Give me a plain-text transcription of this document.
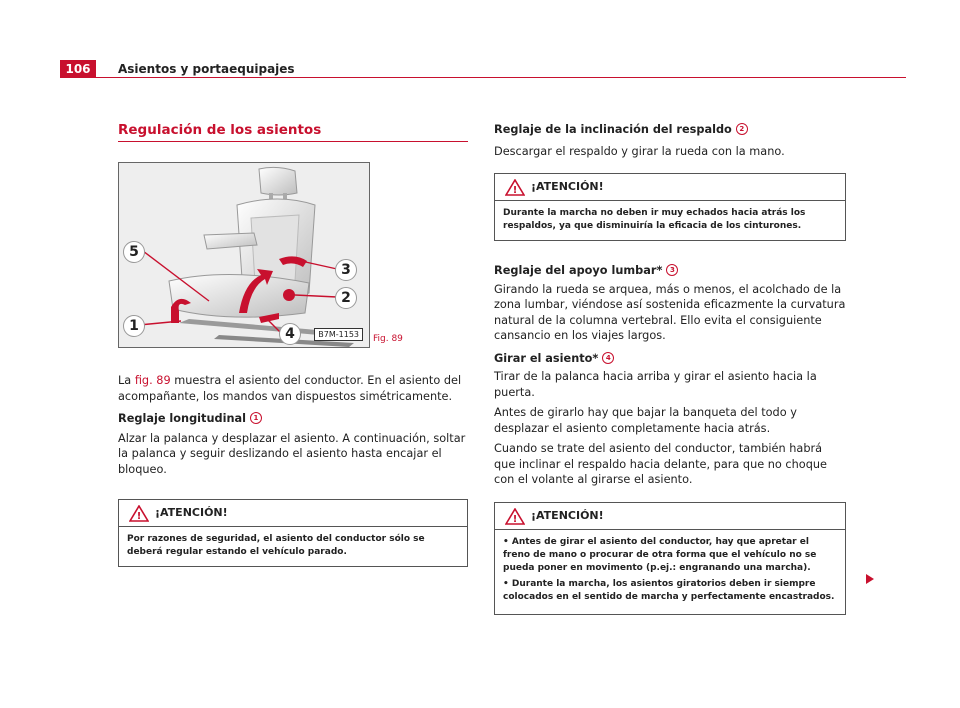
106	Asientos y portaequipajes
Regulación de los asientos
5
1
3
2
4	B7M-1153	Fig. 89

La fig. 89 muestra el asiento del conductor. En el asiento del acompañante, los mandos van dispuestos simétricamente.

Reglaje longitudinal 1

Alzar la palanca y desplazar el asiento. A continuación, soltar la palanca y seguir deslizando el asiento hasta encajar el bloqueo.

! ¡ATENCIÓN!
Por razones de seguridad, el asiento del conductor sólo se deberá regular estando el vehículo parado.

Reglaje de la inclinación del respaldo 2

Descargar el respaldo y girar la rueda con la mano.

! ¡ATENCIÓN!
Durante la marcha no deben ir muy echados hacia atrás los respaldos, ya que disminuiría la eficacia de los cinturones.

Reglaje del apoyo lumbar* 3

Girando la rueda se arquea, más o menos, el acolchado de la zona lumbar, viéndose así sostenida eficazmente la curvatura natural de la columna vertebral. Ello evita el consiguiente cansancio en los viajes largos.

Girar el asiento* 4

Tirar de la palanca hacia arriba y girar el asiento hacia la puerta.

Antes de girarlo hay que bajar la banqueta del todo y desplazar el asiento completamente hacia atrás.

Cuando se trate del asiento del conductor, también habrá que inclinar el respaldo hacia delante, para que no choque con el volante al girarse el asiento.

! ¡ATENCIÓN!
• Antes de girar el asiento del conductor, hay que apretar el freno de mano o procurar de otra forma que el vehículo no se pueda poner en movimento (p.ej.: engranando una marcha).
• Durante la marcha, los asientos giratorios deben ir siempre colocados en el sentido de marcha y perfectamente encastrados.
